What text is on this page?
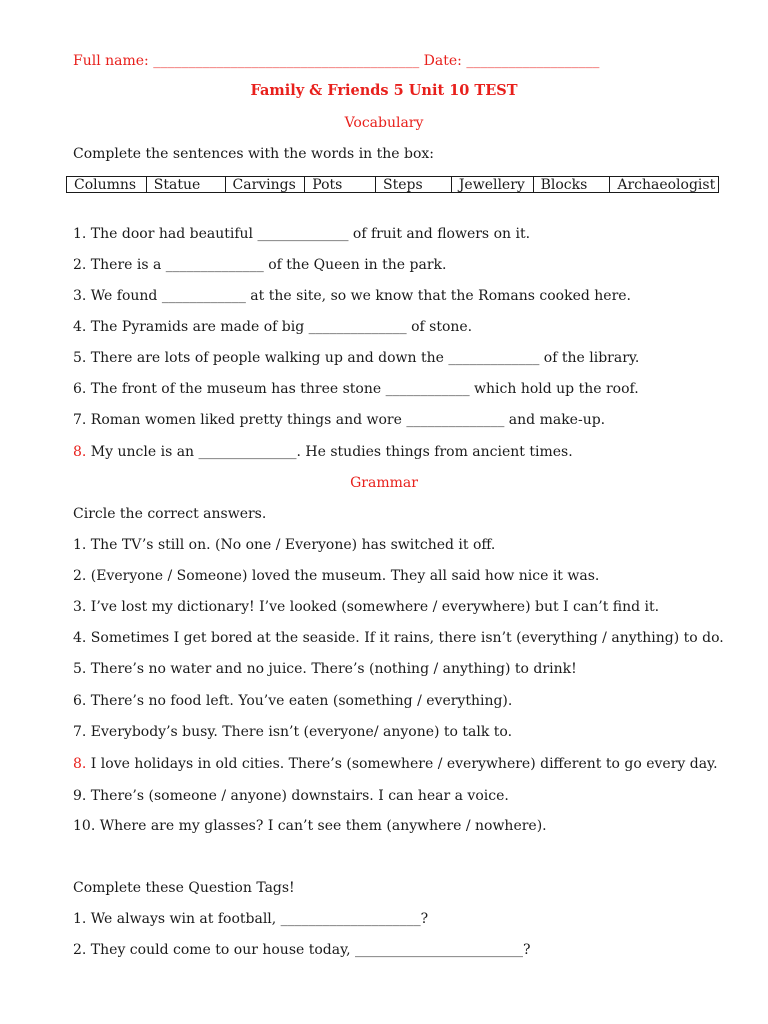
Full name: ______________________________________ Date: ___________________
Family & Friends 5 Unit 10 TEST
Vocabulary
Complete the sentences with the words in the box:
Columns	Statue	Carvings	Pots	Steps	Jewellery	Blocks	Archaeologist
1. The door had beautiful _____________ of fruit and flowers on it.
2. There is a ______________ of the Queen in the park.
3. We found ____________ at the site, so we know that the Romans cooked here.
4. The Pyramids are made of big ______________ of stone.
5. There are lots of people walking up and down the _____________ of the library.
6. The front of the museum has three stone ____________ which hold up the roof.
7. Roman women liked pretty things and wore ______________ and make-up.
8. My uncle is an ______________. He studies things from ancient times.
Grammar
Circle the correct answers.
1. The TV’s still on. (No one / Everyone) has switched it off.
2. (Everyone / Someone) loved the museum. They all said how nice it was.
3. I’ve lost my dictionary! I’ve looked (somewhere / everywhere) but I can’t find it.
4. Sometimes I get bored at the seaside. If it rains, there isn’t (everything / anything) to do.
5. There’s no water and no juice. There’s (nothing / anything) to drink!
6. There’s no food left. You’ve eaten (something / everything).
7. Everybody’s busy. There isn’t (everyone/ anyone) to talk to.
8. I love holidays in old cities. There’s (somewhere / everywhere) different to go every day.
9. There’s (someone / anyone) downstairs. I can hear a voice.
10. Where are my glasses? I can’t see them (anywhere / nowhere).
Complete these Question Tags!
1. We always win at football, ____________________?
2. They could come to our house today, ________________________?
